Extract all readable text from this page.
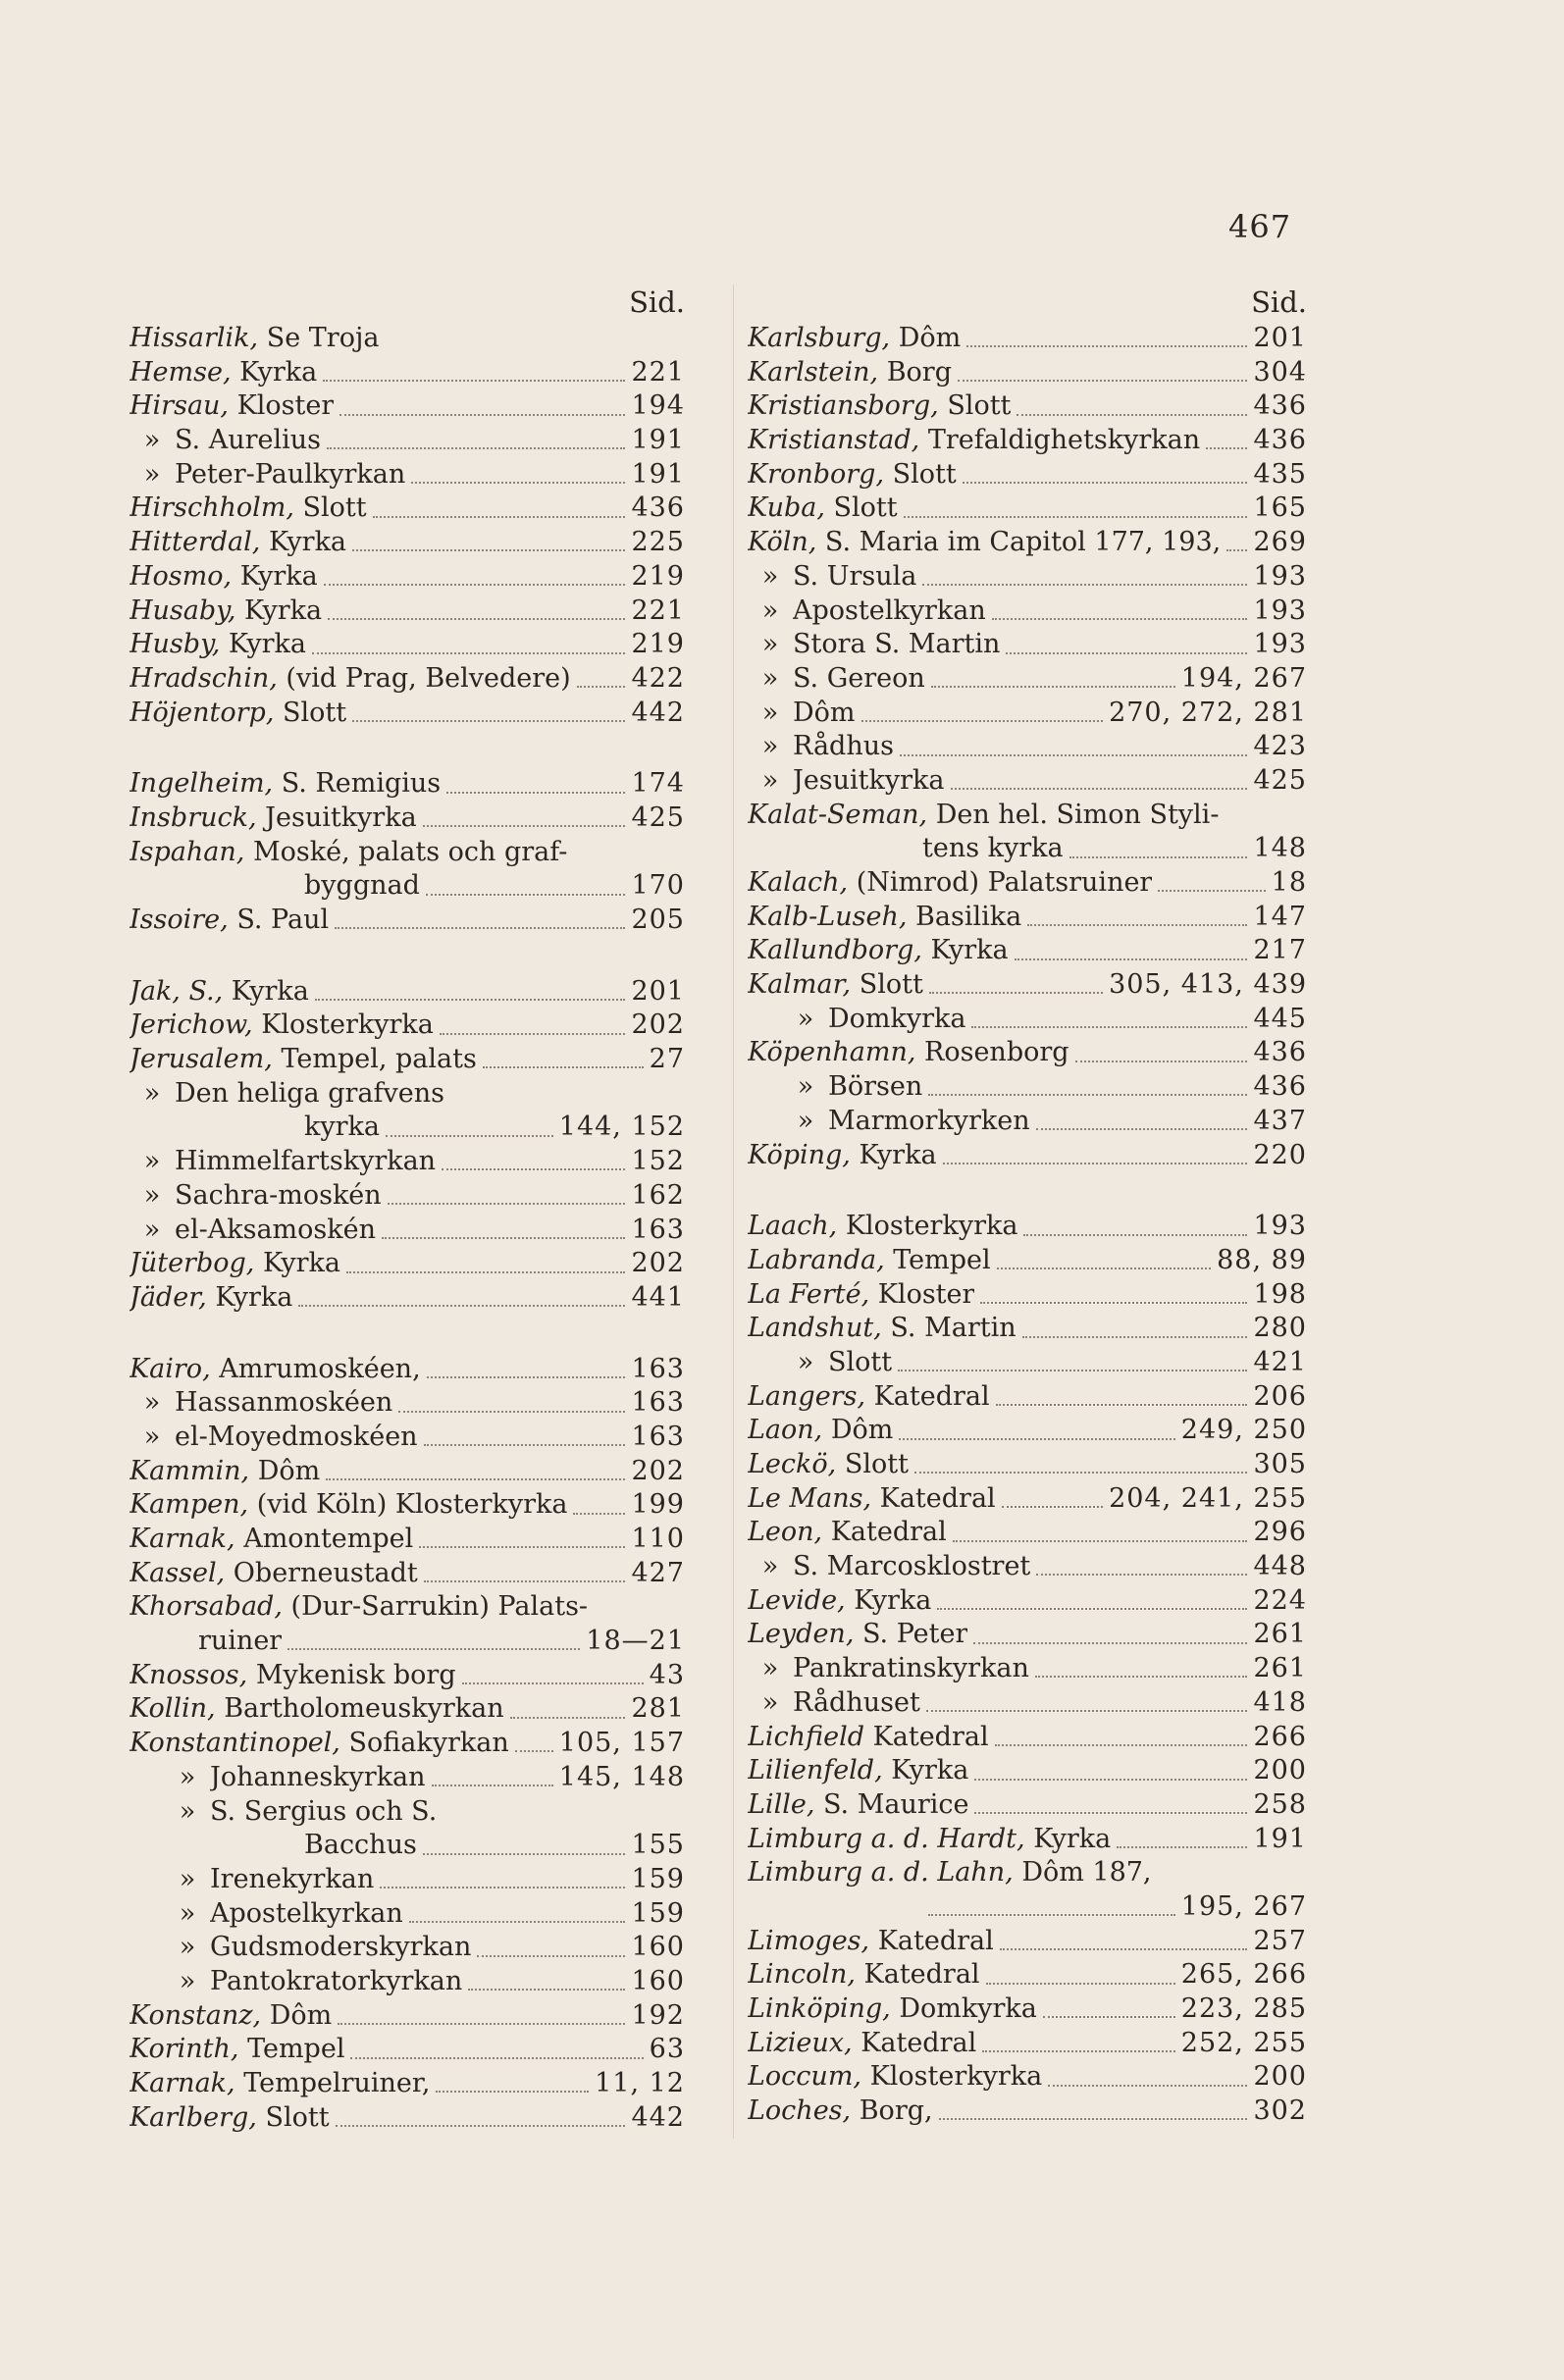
467
Sid.
Hissarlik, Se Troja
Hemse, Kyrka	221
Hirsau, Kloster	194
» S. Aurelius	191
» Peter-Paulkyrkan	191
Hirschholm, Slott	436
Hitterdal, Kyrka	225
Hosmo, Kyrka	219
Husaby, Kyrka	221
Husby, Kyrka	219
Hradschin, (vid Prag, Belvedere) 422
Höjentorp, Slott	442
Ingelheim, S. Remigius	174
Insbruck, Jesuitkyrka	425
Ispahan, Moské, palats och graf-
byggnad	170
Issoire, S. Paul	205
Jak, S., Kyrka	201
Jerichow, Klosterkyrka	202
Jerusalem, Tempel, palats	27
» Den heliga grafvens
kyrka	144, 152
» Himmelfartskyrkan	152
» Sachra-moskén	162
» el-Aksamoskén	163
Jüterbog, Kyrka	202
Jäder, Kyrka	441
Kairo, Amrumoskéen,	163
» Hassanmoskéen	163
» el-Moyedmoskéen	163
Kammin, Dôm	202
Kampen, (vid Köln) Klosterkyrka 199
Karnak, Amontempel	110
Kassel, Oberneustadt	427
Khorsabad, (Dur-Sarrukin) Palats-
ruiner	18—21
Knossos, Mykenisk borg	43
Kollin, Bartholomeuskyrkan	281
Konstantinopel, Sofiakyrkan 105, 157
» Johanneskyrkan	145, 148
» S. Sergius och S.
Bacchus	155
» Irenekyrkan	159
» Apostelkyrkan	159
» Gudsmoderskyrkan	160
» Pantokratorkyrkan	160
Konstanz, Dôm	192
Korinth, Tempel	63
Karnak, Tempelruiner,	11, 12
Karlberg, Slott	442
Sid.
Karlsburg, Dôm	201
Karlstein, Borg	304
Kristiansborg, Slott	436
Kristianstad, Trefaldighetskyrkan 436
Kronborg, Slott	435
Kuba, Slott	165
Köln, S. Maria im Capitol 177, 193, 269
» S. Ursula	193
» Apostelkyrkan	193
» Stora S. Martin	193
» S. Gereon	194, 267
» Dôm	270, 272, 281
» Rådhus	423
» Jesuitkyrka	425
Kalat-Seman, Den hel. Simon Styli-
tens kyrka	148
Kalach, (Nimrod) Palatsruiner	18
Kalb-Luseh, Basilika	147
Kallundborg, Kyrka	217
Kalmar, Slott	305, 413, 439
» Domkyrka	445
Köpenhamn, Rosenborg	436
» Börsen	436
» Marmorkyrken	437
Köping, Kyrka	220
Laach, Klosterkyrka	193
Labranda, Tempel	88, 89
La Ferté, Kloster	198
Landshut, S. Martin	280
» Slott	421
Langers, Katedral	206
Laon, Dôm	249, 250
Leckö, Slott	305
Le Mans, Katedral	204, 241, 255
Leon, Katedral	296
» S. Marcosklostret	448
Levide, Kyrka	224
Leyden, S. Peter	261
» Pankratinskyrkan	261
» Rådhuset	418
Lichfield Katedral	266
Lilienfeld, Kyrka	200
Lille, S. Maurice	258
Limburg a. d. Hardt, Kyrka	191
Limburg a. d. Lahn, Dôm 187,
195, 267
Limoges, Katedral	257
Lincoln, Katedral	265, 266
Linköping, Domkyrka	223, 285
Lizieux, Katedral	252, 255
Loccum, Klosterkyrka	200
Loches, Borg,	302
